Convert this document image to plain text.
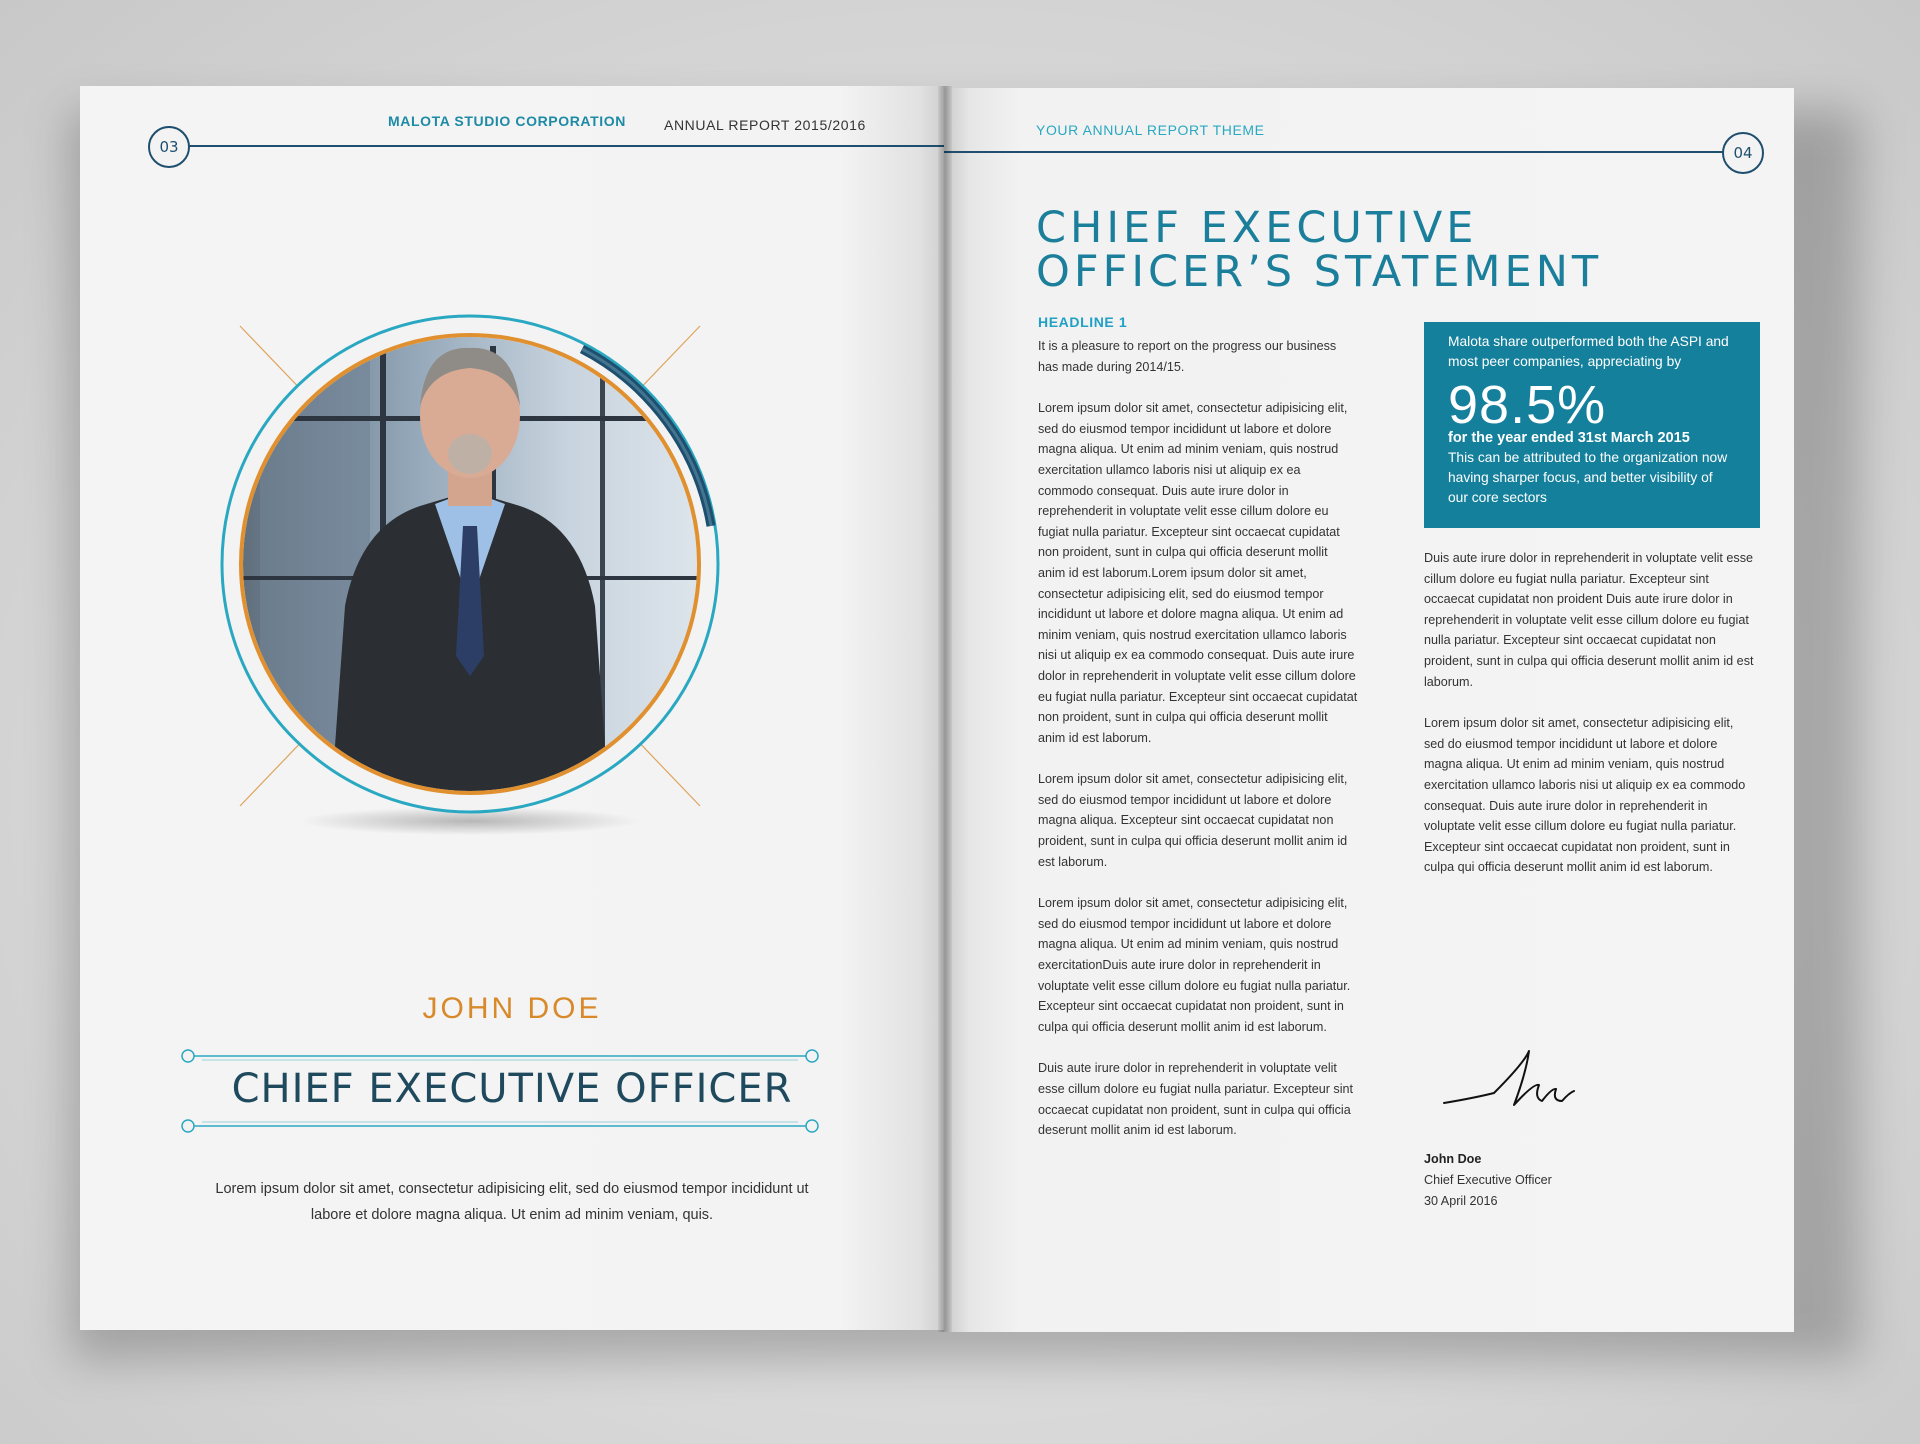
03
MALOTA STUDIO CORPORATION	ANNUAL REPORT 2015/2016
JOHN DOE
CHIEF EXECUTIVE OFFICER
Lorem ipsum dolor sit amet, consectetur adipisicing elit, sed do eiusmod tempor incididunt ut labore et dolore magna aliqua. Ut enim ad minim veniam, quis.
04
YOUR ANNUAL REPORT THEME
CHIEF EXECUTIVE
OFFICER’S STATEMENT
HEADLINE 1

It is a pleasure to report on the progress our business has made during 2014/15.

Lorem ipsum dolor sit amet, consectetur adipisicing elit, sed do eiusmod tempor incididunt ut labore et dolore magna aliqua. Ut enim ad minim veniam, quis nostrud exercitation ullamco laboris nisi ut aliquip ex ea commodo consequat. Duis aute irure dolor in reprehenderit in voluptate velit esse cillum dolore eu fugiat nulla pariatur. Excepteur sint occaecat cupidatat non proident, sunt in culpa qui officia deserunt mollit anim id est laborum.Lorem ipsum dolor sit amet, consectetur adipisicing elit, sed do eiusmod tempor incididunt ut labore et dolore magna aliqua. Ut enim ad minim veniam, quis nostrud exercitation ullamco laboris nisi ut aliquip ex ea commodo consequat. Duis aute irure dolor in reprehenderit in voluptate velit esse cillum dolore eu fugiat nulla pariatur. Excepteur sint occaecat cupidatat non proident, sunt in culpa qui officia deserunt mollit anim id est laborum.

Lorem ipsum dolor sit amet, consectetur adipisicing elit, sed do eiusmod tempor incididunt ut labore et dolore magna aliqua. Excepteur sint occaecat cupidatat non proident, sunt in culpa qui officia deserunt mollit anim id est laborum.

Lorem ipsum dolor sit amet, consectetur adipisicing elit, sed do eiusmod tempor incididunt ut labore et dolore magna aliqua. Ut enim ad minim veniam, quis nostrud exercitationDuis aute irure dolor in reprehenderit in voluptate velit esse cillum dolore eu fugiat nulla pariatur. Excepteur sint occaecat cupidatat non proident, sunt in culpa qui officia deserunt mollit anim id est laborum.

Duis aute irure dolor in reprehenderit in voluptate velit esse cillum dolore eu fugiat nulla pariatur. Excepteur sint occaecat cupidatat non proident, sunt in culpa qui officia deserunt mollit anim id est laborum.

Malota share outperformed both the ASPI and most peer companies, appreciating by
98.5%
for the year ended 31st March 2015
This can be attributed to the organization now having sharper focus, and better visibility of our core sectors

Duis aute irure dolor in reprehenderit in voluptate velit esse cillum dolore eu fugiat nulla pariatur. Excepteur sint occaecat cupidatat non proident Duis aute irure dolor in reprehenderit in voluptate velit esse cillum dolore eu fugiat nulla pariatur. Excepteur sint occaecat cupidatat non proident, sunt in culpa qui officia deserunt mollit anim id est laborum.

Lorem ipsum dolor sit amet, consectetur adipisicing elit, sed do eiusmod tempor incididunt ut labore et dolore magna aliqua. Ut enim ad minim veniam, quis nostrud exercitation ullamco laboris nisi ut aliquip ex ea commodo consequat. Duis aute irure dolor in reprehenderit in voluptate velit esse cillum dolore eu fugiat nulla pariatur. Excepteur sint occaecat cupidatat non proident, sunt in culpa qui officia deserunt mollit anim id est laborum.

John Doe
Chief Executive Officer
30 April 2016
